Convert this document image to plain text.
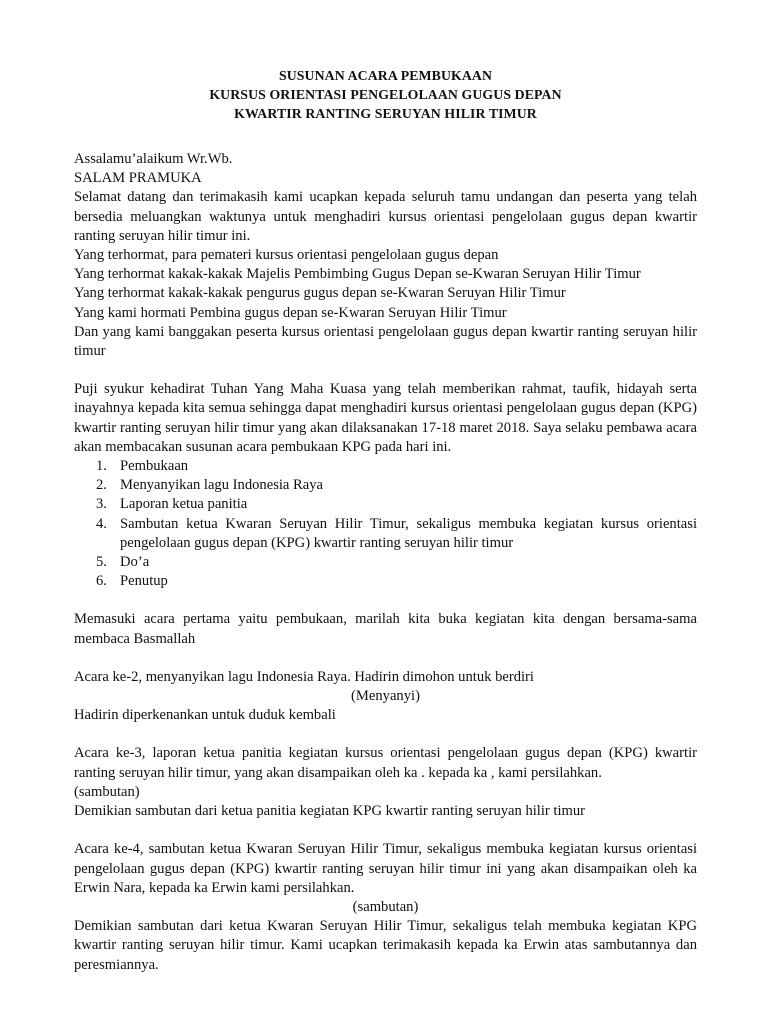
SUSUNAN ACARA PEMBUKAAN
KURSUS ORIENTASI PENGELOLAAN GUGUS DEPAN
KWARTIR RANTING SERUYAN HILIR TIMUR

Assalamu’alaikum Wr.Wb.

SALAM PRAMUKA

Selamat datang dan terimakasih kami ucapkan kepada seluruh tamu undangan dan peserta yang telah bersedia meluangkan waktunya untuk menghadiri kursus orientasi pengelolaan gugus depan kwartir ranting seruyan hilir timur ini.

Yang terhormat, para pemateri kursus orientasi pengelolaan gugus depan

Yang terhormat kakak-kakak Majelis Pembimbing Gugus Depan se-Kwaran Seruyan Hilir Timur

Yang terhormat kakak-kakak pengurus gugus depan se-Kwaran Seruyan Hilir Timur

Yang kami hormati Pembina gugus depan se-Kwaran Seruyan Hilir Timur

Dan yang kami banggakan peserta kursus orientasi pengelolaan gugus depan kwartir ranting seruyan hilir timur

Puji syukur kehadirat Tuhan Yang Maha Kuasa yang telah memberikan rahmat, taufik, hidayah serta inayahnya kepada kita semua sehingga dapat menghadiri kursus orientasi pengelolaan gugus depan (KPG) kwartir ranting seruyan hilir timur yang akan dilaksanakan 17-18 maret 2018. Saya selaku pembawa acara akan membacakan susunan acara pembukaan KPG pada hari ini.

1. Pembukaan
2. Menyanyikan lagu Indonesia Raya
3. Laporan ketua panitia
4. Sambutan ketua Kwaran Seruyan Hilir Timur, sekaligus membuka kegiatan kursus orientasi pengelolaan gugus depan (KPG) kwartir ranting seruyan hilir timur
5. Do’a
6. Penutup

Memasuki acara pertama yaitu pembukaan, marilah kita buka kegiatan kita dengan bersama-sama membaca Basmallah

Acara ke-2, menyanyikan lagu Indonesia Raya. Hadirin dimohon untuk berdiri

(Menyanyi)

Hadirin diperkenankan untuk duduk kembali

Acara ke-3, laporan ketua panitia kegiatan kursus orientasi pengelolaan gugus depan (KPG) kwartir ranting seruyan hilir timur, yang akan disampaikan oleh ka . kepada ka , kami persilahkan.

(sambutan)

Demikian sambutan dari ketua panitia kegiatan KPG kwartir ranting seruyan hilir timur

Acara ke-4, sambutan ketua Kwaran Seruyan Hilir Timur, sekaligus membuka kegiatan kursus orientasi pengelolaan gugus depan (KPG) kwartir ranting seruyan hilir timur ini yang akan disampaikan oleh ka Erwin Nara, kepada ka Erwin kami persilahkan.

(sambutan)

Demikian sambutan dari ketua Kwaran Seruyan Hilir Timur, sekaligus telah membuka kegiatan KPG kwartir ranting seruyan hilir timur. Kami ucapkan terimakasih kepada ka Erwin atas sambutannya dan peresmiannya.
